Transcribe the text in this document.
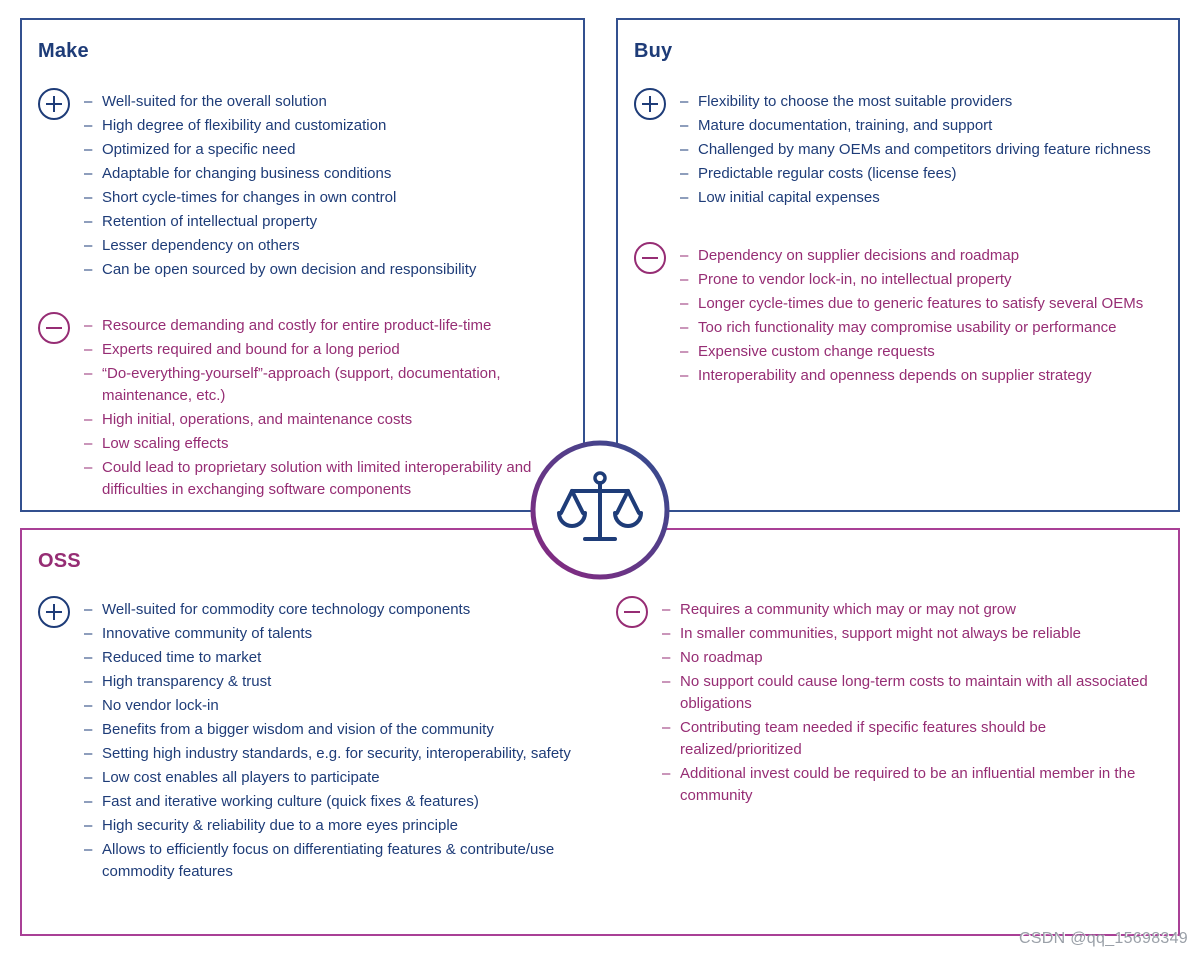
Make
– Well-suited for the overall solution
– High degree of flexibility and customization
– Optimized for a specific need
– Adaptable for changing business conditions
– Short cycle-times for changes in own control
– Retention of intellectual property
– Lesser dependency on others
– Can be open sourced by own decision and responsibility
– Resource demanding and costly for entire product-life-time
– Experts required and bound for a long period
– “Do-everything-yourself”-approach (support, documentation, maintenance, etc.)
– High initial, operations, and maintenance costs
– Low scaling effects
– Could lead to proprietary solution with limited interoperability and difficulties in exchanging software components
Buy
– Flexibility to choose the most suitable providers
– Mature documentation, training, and support
– Challenged by many OEMs and competitors driving feature richness
– Predictable regular costs (license fees)
– Low initial capital expenses
– Dependency on supplier decisions and roadmap
– Prone to vendor lock-in, no intellectual property
– Longer cycle-times due to generic features to satisfy several OEMs
– Too rich functionality may compromise usability or performance
– Expensive custom change requests
– Interoperability and openness depends on supplier strategy
OSS
– Well-suited for commodity core technology components
– Innovative community of talents
– Reduced time to market
– High transparency & trust
– No vendor lock-in
– Benefits from a bigger wisdom and vision of the community
– Setting high industry standards, e.g. for security, interoperability, safety
– Low cost enables all players to participate
– Fast and iterative working culture (quick fixes & features)
– High security & reliability due to a more eyes principle
– Allows to efficiently focus on differentiating features & contribute/use commodity features
– Requires a community which may or may not grow
– In smaller communities, support might not always be reliable
– No roadmap
– No support could cause long-term costs to maintain with all associated obligations
– Contributing team needed if specific features should be realized/prioritized
– Additional invest could be required to be an influential member in the community
CSDN @qq_15698349
